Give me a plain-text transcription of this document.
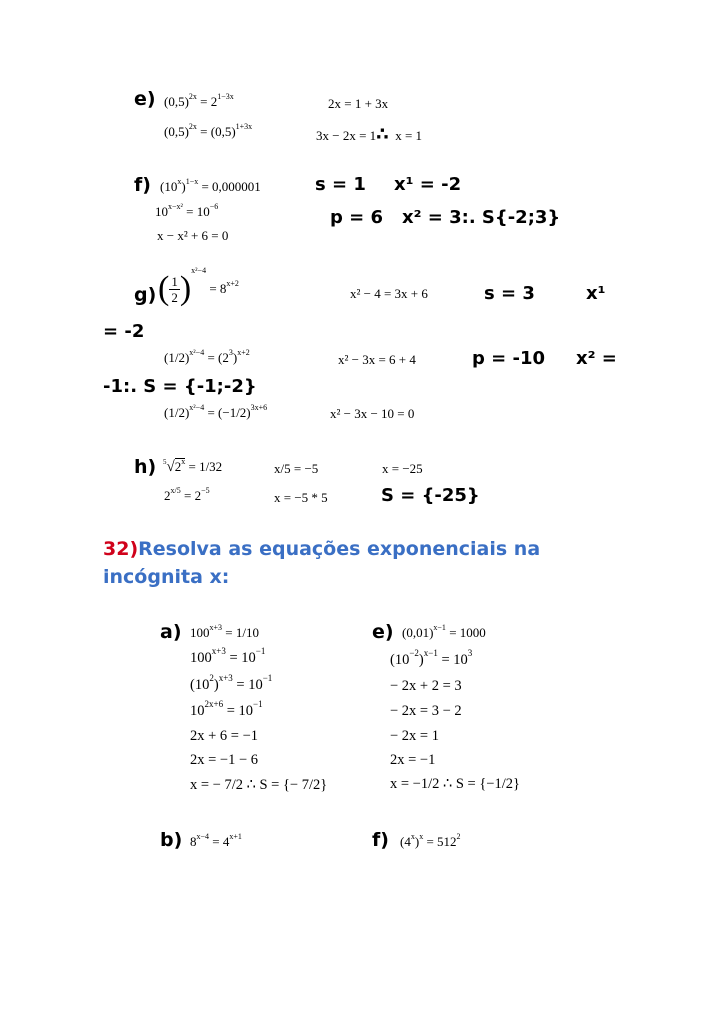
e) $(0,5)^{2x} = 2^{1-3x}$
$(0,5)^{2x} = (0,5)^{1+3x}$
2x = 1 + 3x
3x − 2x = 1∴ x = 1
f) $(10^x)^{1-x} = 0,000001$
$10^{x-x^2} = 10^{-6}$
x − x² + 6 = 0
s = 1 x¹ = -2
p = 6 x² = 3:. S{-2;3}
g) ( $\frac{1}{2} )^{x^2-4} = 8^{x+2}$
x² − 4 = 3x + 6	s = 3	x¹
= -2
$(1/2)^{x^2-4} = (2^3)^{x+2}$	x² − 3x = 6 + 4	p = -10 x² =
-1:. S = {-1;-2}
$(1/2)^{x^2-4} = (-1/2)^{3x+6}$	x² − 3x − 10 = 0
h) $^5√2^x = 1/32$	x/5 = −5	x = −25
$2^{x/5} = 2^{-5}$	x = −5 * 5	S = {-25}
32)Resolva as equações exponenciais na
incógnita x:
a) $100^{x+3} = 1/10$
$100^{x+3} = 10^{-1}$
$(10^2)^{x+3} = 10^{-1}$
$10^{2x+6} = 10^{-1}$
2x + 6 = −1
2x = −1 − 6
x = − 7/2 ∴ S = {− 7/2}
e) $(0,01)^{x-1} = 1000$
$(10^{-2})^{x-1} = 10^3$
− 2x + 2 = 3
− 2x = 3 − 2
− 2x = 1
2x = −1
x = −1/2 ∴ S = {−1/2}
b) $8^{x-4} = 4^{x+1}$	f) $(4^x)^x = 512^2$
